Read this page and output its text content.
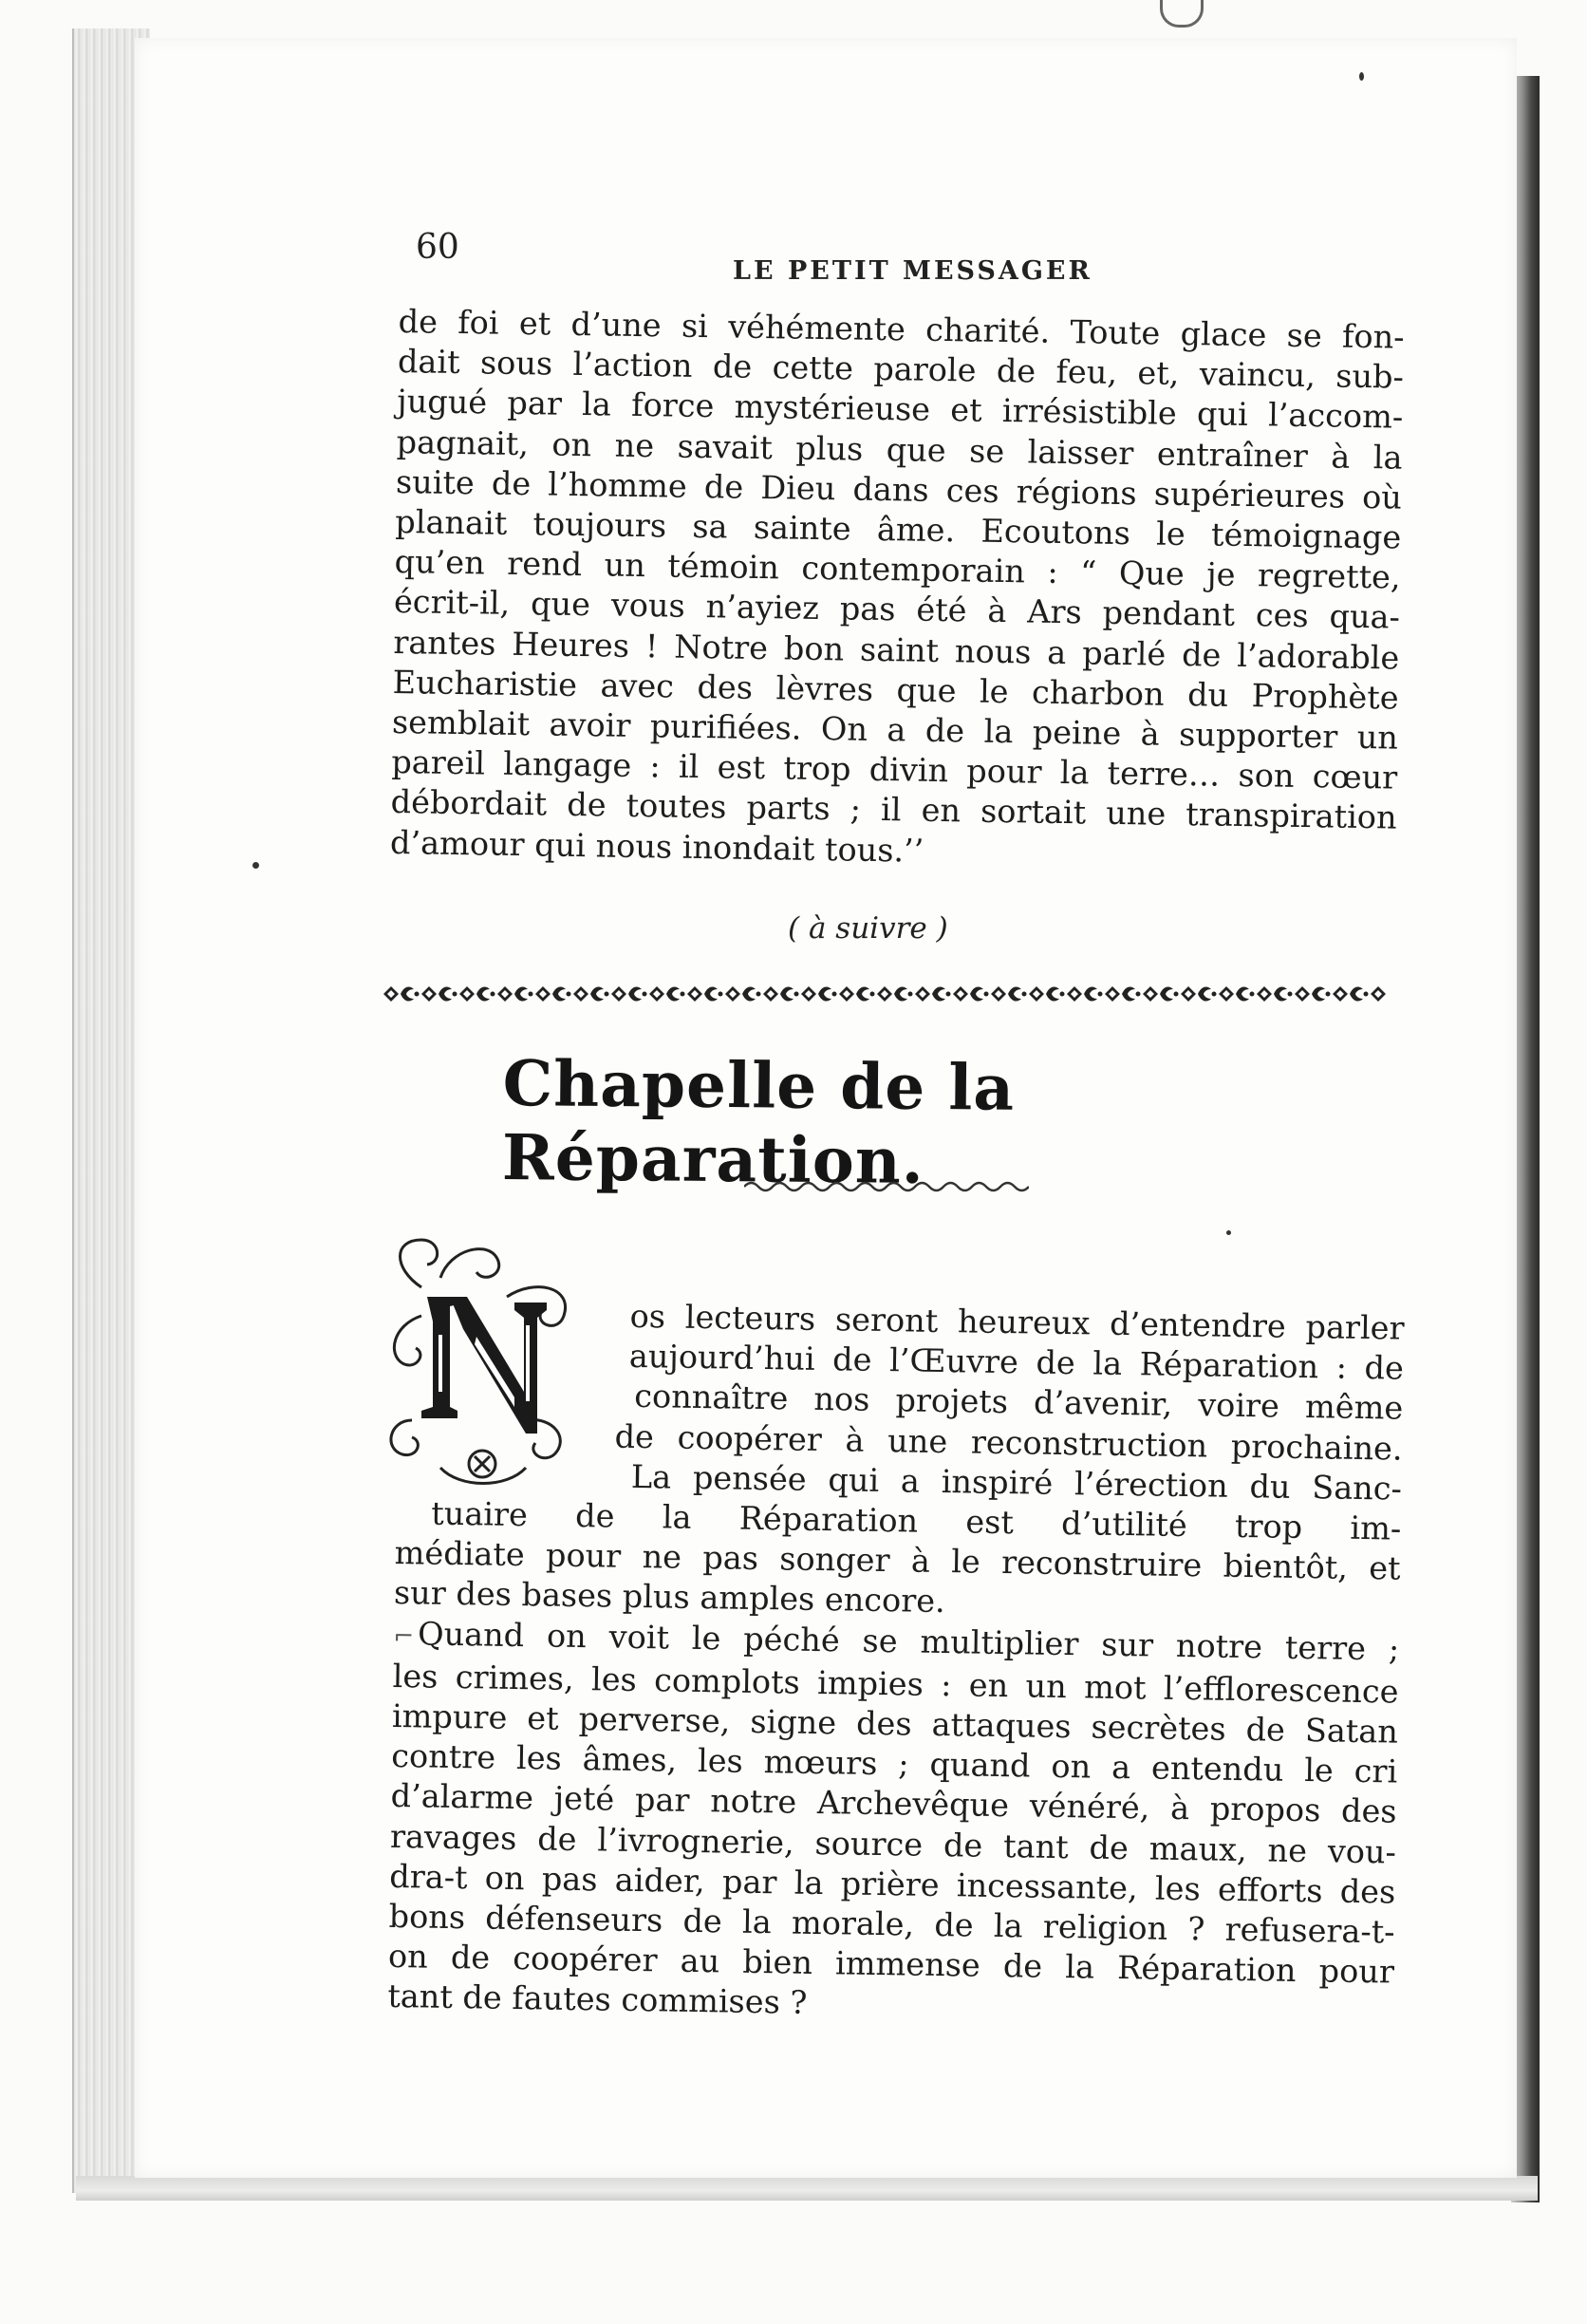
60
LE PETIT MESSAGER
de foi et d’une si véhémente charité. Toute glace se fon-
dait sous l’action de cette parole de feu, et, vaincu, sub-
jugué par la force mystérieuse et irrésistible qui l’accom-
pagnait, on ne savait plus que se laisser entraîner à la
suite de l’homme de Dieu dans ces régions supérieures où
planait toujours sa sainte âme. Ecoutons le témoignage
qu’en rend un témoin contemporain : “ Que je regrette,
écrit-il, que vous n’ayiez pas été à Ars pendant ces qua-
rantes Heures ! Notre bon saint nous a parlé de l’adorable
Eucharistie avec des lèvres que le charbon du Prophète
semblait avoir purifiées. On a de la peine à supporter un
pareil langage : il est trop divin pour la terre… son cœur
débordait de toutes parts ; il en sortait une transpiration
d’amour qui nous inondait tous.’’
( à suivre )
Chapelle de la Réparation.
os lecteurs seront heureux d’entendre parler
aujourd’hui de l’Œuvre de la Réparation : de
connaître nos projets d’avenir, voire même
de coopérer à une reconstruction prochaine.
La pensée qui a inspiré l’érection du Sanc-
tuaire de la Réparation est d’utilité trop im-
médiate pour ne pas songer à le reconstruire bientôt, et
sur des bases plus amples encore.
⌐ Quand on voit le péché se multiplier sur notre terre ;
les crimes, les complots impies : en un mot l’efflorescence
impure et perverse, signe des attaques secrètes de Satan
contre les âmes, les mœurs ; quand on a entendu le cri
d’alarme jeté par notre Archevêque vénéré, à propos des
ravages de l’ivrognerie, source de tant de maux, ne vou-
dra-t on pas aider, par la prière incessante, les efforts des
bons défenseurs de la morale, de la religion ? refusera-t-
on de coopérer au bien immense de la Réparation pour
tant de fautes commises ?
